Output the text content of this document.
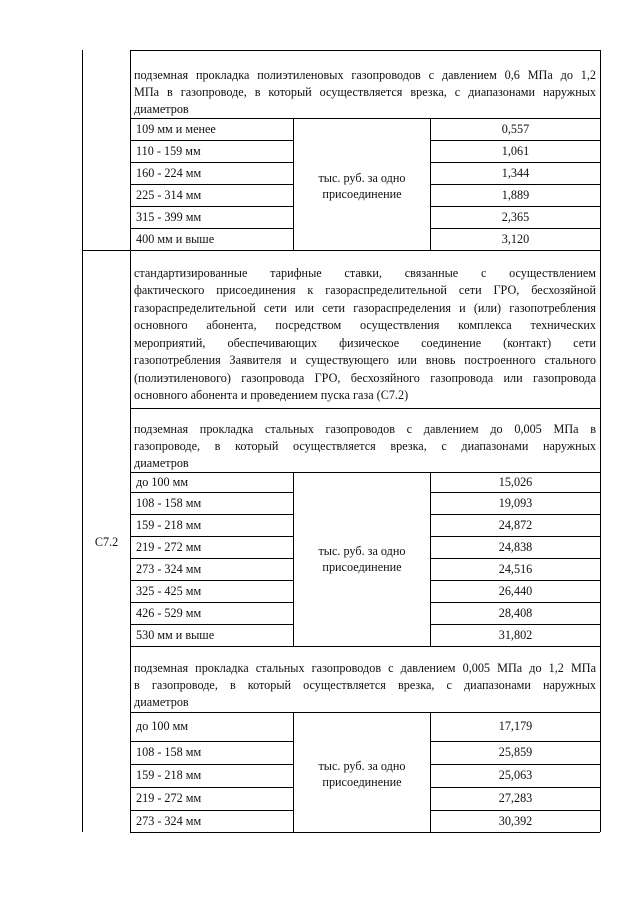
подземная прокладка полиэтиленовых газопроводов с давлением 0,6 МПа до 1,2
МПа в газопроводе, в который осуществляется врезка, с диапазонами наружных
диаметров
109 мм и менее
110 - 159 мм
160 - 224 мм
225 - 314 мм
315 - 399 мм
400 мм и выше
тыс. руб. за одно
присоединение
0,557
1,061
1,344
1,889
2,365
3,120
С7.2
стандартизированные тарифные ставки, связанные с осуществлением
фактического присоединения к газораспределительной сети ГРО, бесхозяйной
газораспределительной сети или сети газораспределения и (или) газопотребления
основного абонента, посредством осуществления комплекса технических
мероприятий, обеспечивающих физическое соединение (контакт) сети
газопотребления Заявителя и существующего или вновь построенного стального
(полиэтиленового) газопровода ГРО, бесхозяйного газопровода или газопровода
основного абонента и проведением пуска газа (С7.2)
подземная прокладка стальных газопроводов с давлением до 0,005 МПа в
газопроводе, в который осуществляется врезка, с диапазонами наружных
диаметров
до 100 мм
108 - 158 мм
159 - 218 мм
219 - 272 мм
273 - 324 мм
325 - 425 мм
426 - 529 мм
530 мм и выше
тыс. руб. за одно
присоединение
15,026
19,093
24,872
24,838
24,516
26,440
28,408
31,802
подземная прокладка стальных газопроводов с давлением 0,005 МПа до 1,2 МПа
в газопроводе, в который осуществляется врезка, с диапазонами наружных
диаметров
до 100 мм
108 - 158 мм
159 - 218 мм
219 - 272 мм
273 - 324 мм
тыс. руб. за одно
присоединение
17,179
25,859
25,063
27,283
30,392
